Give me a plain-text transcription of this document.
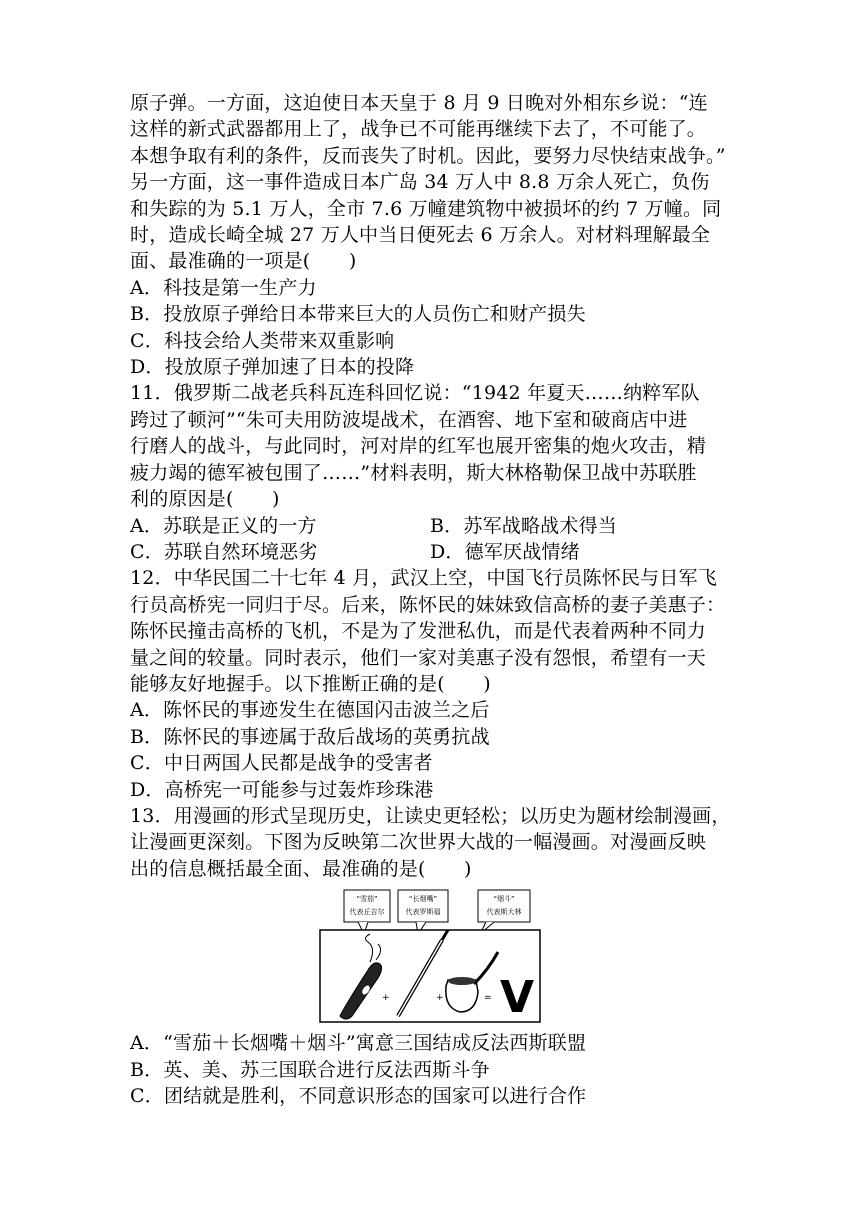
原子弹。一方面，这迫使日本天皇于 8 月 9 日晚对外相东乡说：“连
这样的新式武器都用上了，战争已不可能再继续下去了，不可能了。
本想争取有利的条件，反而丧失了时机。因此，要努力尽快结束战争。”
另一方面，这一事件造成日本广岛 34 万人中 8.8 万余人死亡，负伤
和失踪的为 5.1 万人，全市 7.6 万幢建筑物中被损坏的约 7 万幢。同
时，造成长崎全城 27 万人中当日便死去 6 万余人。对材料理解最全
面、最准确的一项是(　　)
A．科技是第一生产力
B．投放原子弹给日本带来巨大的人员伤亡和财产损失
C．科技会给人类带来双重影响
D．投放原子弹加速了日本的投降
11．俄罗斯二战老兵科瓦连科回忆说：“1942 年夏天……纳粹军队
跨过了顿河”“朱可夫用防波堤战术，在酒窖、地下室和破商店中进
行磨人的战斗，与此同时，河对岸的红军也展开密集的炮火攻击，精
疲力竭的德军被包围了……”材料表明，斯大林格勒保卫战中苏联胜
利的原因是(　　)
A．苏联是正义的一方	B．苏军战略战术得当
C．苏联自然环境恶劣	D．德军厌战情绪
12．中华民国二十七年 4 月，武汉上空，中国飞行员陈怀民与日军飞
行员高桥宪一同归于尽。后来，陈怀民的妹妹致信高桥的妻子美惠子：
陈怀民撞击高桥的飞机，不是为了发泄私仇，而是代表着两种不同力
量之间的较量。同时表示，他们一家对美惠子没有怨恨，希望有一天
能够友好地握手。以下推断正确的是(　　)
A．陈怀民的事迹发生在德国闪击波兰之后
B．陈怀民的事迹属于敌后战场的英勇抗战
C．中日两国人民都是战争的受害者
D．高桥宪一可能参与过轰炸珍珠港
13．用漫画的形式呈现历史，让读史更轻松；以历史为题材绘制漫画，
让漫画更深刻。下图为反映第二次世界大战的一幅漫画。对漫画反映
出的信息概括最全面、最准确的是(　　)
“雪茄”
代表丘吉尔
“长烟嘴”
代表罗斯福
“烟斗”
代表斯大林
+	+	= V
A．“雪茄＋长烟嘴＋烟斗”寓意三国结成反法西斯联盟
B．英、美、苏三国联合进行反法西斯斗争
C．团结就是胜利，不同意识形态的国家可以进行合作
